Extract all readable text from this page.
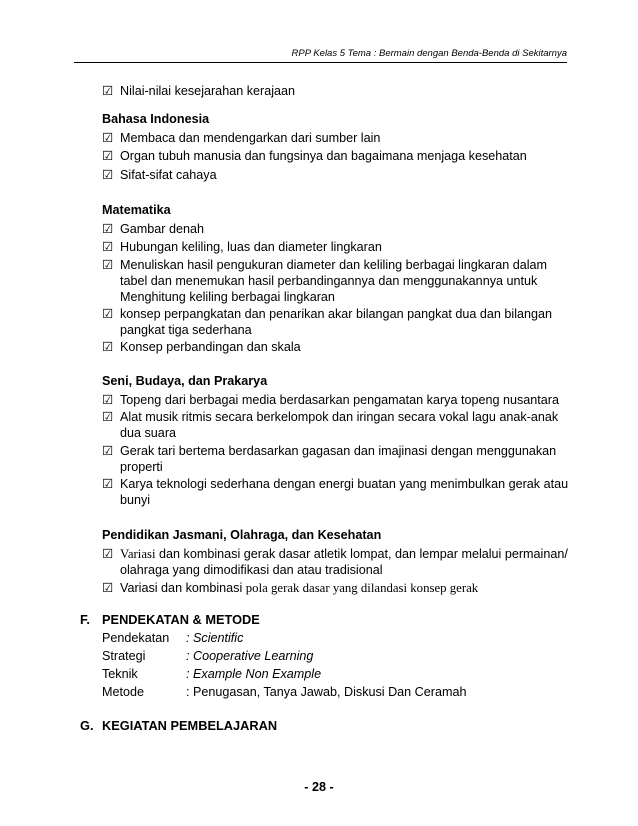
RPP Kelas 5 Tema : Bermain dengan Benda-Benda di Sekitarnya
☑ Nilai-nilai kesejarahan kerajaan
Bahasa Indonesia
☑ Membaca dan mendengarkan dari sumber lain
☑ Organ tubuh manusia dan fungsinya dan bagaimana menjaga kesehatan
☑ Sifat-sifat cahaya
Matematika
☑ Gambar denah
☑ Hubungan keliling, luas dan diameter lingkaran
☑ Menuliskan hasil pengukuran diameter dan keliling berbagai lingkaran dalam tabel dan menemukan hasil perbandingannya dan menggunakannya untuk Menghitung keliling berbagai lingkaran
☑ konsep perpangkatan dan penarikan akar bilangan pangkat dua dan bilangan pangkat tiga sederhana
☑ Konsep perbandingan dan skala
Seni, Budaya, dan Prakarya
☑ Topeng dari berbagai media berdasarkan pengamatan karya topeng nusantara
☑ Alat musik ritmis secara berkelompok dan iringan secara vokal lagu anak-anak dua suara
☑ Gerak tari bertema berdasarkan gagasan dan imajinasi dengan menggunakan properti
☑ Karya teknologi sederhana dengan energi buatan yang menimbulkan gerak atau bunyi
Pendidikan Jasmani, Olahraga, dan Kesehatan
☑ Variasi dan kombinasi gerak dasar atletik lompat, dan lempar melalui permainan/ olahraga yang dimodifikasi dan atau tradisional
☑ Variasi dan kombinasi pola gerak dasar yang dilandasi konsep gerak
F. PENDEKATAN & METODE
Pendekatan : Scientific
Strategi	: Cooperative Learning
Teknik	: Example Non Example
Metode	: Penugasan, Tanya Jawab, Diskusi Dan Ceramah
G. KEGIATAN PEMBELAJARAN
- 28 -
